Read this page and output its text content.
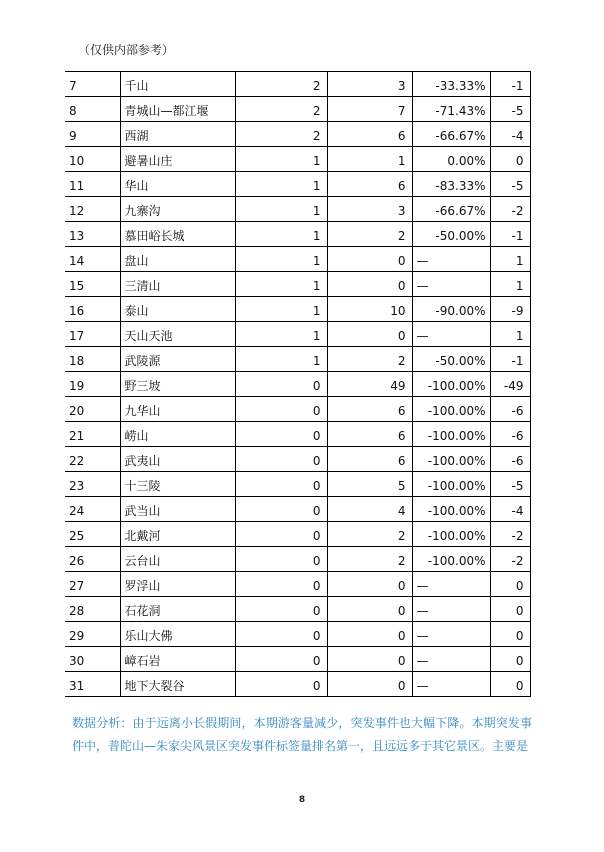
（仅供内部参考）
7	千山	2	3	-33.33%	-1
8	青城山—都江堰	2	7	-71.43%	-5
9	西湖	2	6	-66.67%	-4
10	避暑山庄	1	1	0.00%	0
11	华山	1	6	-83.33%	-5
12	九寨沟	1	3	-66.67%	-2
13	慕田峪长城	1	2	-50.00%	-1
14	盘山	1	0	—	1
15	三清山	1	0	—	1
16	泰山	1	10	-90.00%	-9
17	天山天池	1	0	—	1
18	武陵源	1	2	-50.00%	-1
19	野三坡	0	49	-100.00%	-49
20	九华山	0	6	-100.00%	-6
21	崂山	0	6	-100.00%	-6
22	武夷山	0	6	-100.00%	-6
23	十三陵	0	5	-100.00%	-5
24	武当山	0	4	-100.00%	-4
25	北戴河	0	2	-100.00%	-2
26	云台山	0	2	-100.00%	-2
27	罗浮山	0	0	—	0
28	石花洞	0	0	—	0
29	乐山大佛	0	0	—	0
30	嶂石岩	0	0	—	0
31	地下大裂谷	0	0	—	0
数据分析：由于远离小长假期间，本期游客量减少，突发事件也大幅下降。本期突发事件中，普陀山—朱家尖风景区突发事件标签量排名第一，且远远多于其它景区。主要是
8
